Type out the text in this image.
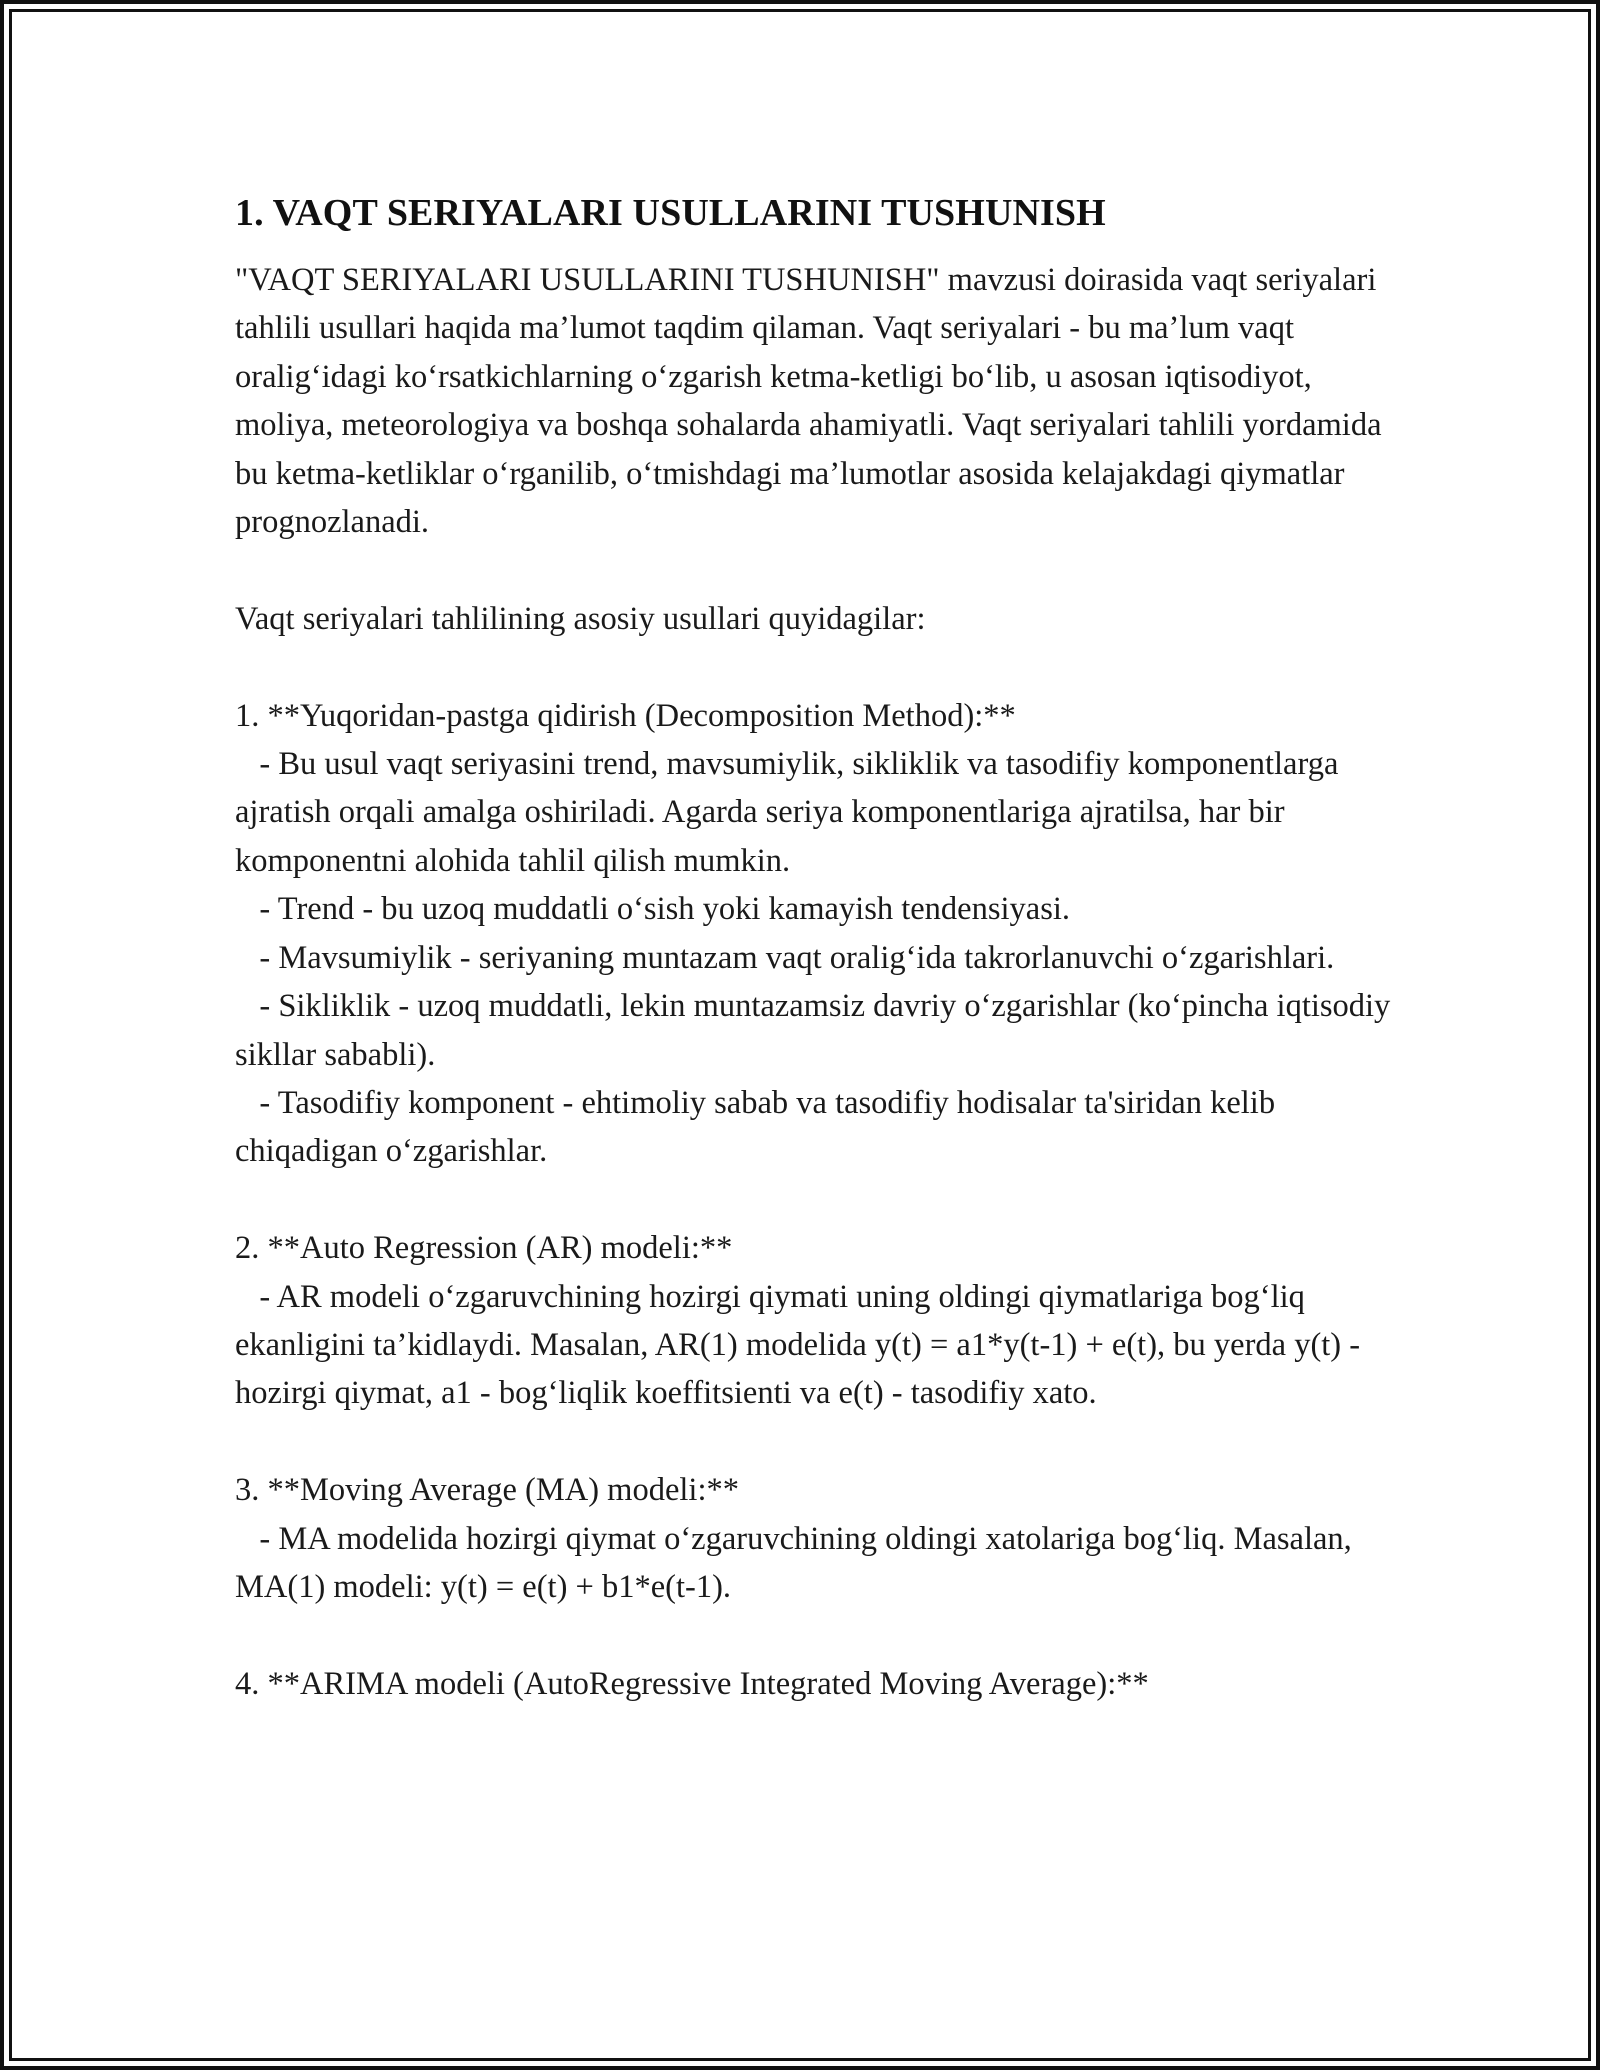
1. VAQT SERIYALARI USULLARINI TUSHUNISH
"VAQT SERIYALARI USULLARINI TUSHUNISH" mavzusi doirasida vaqt seriyalari tahlili usullari haqida ma’lumot taqdim qilaman. Vaqt seriyalari - bu ma’lum vaqt oralig‘idagi ko‘rsatkichlarning o‘zgarish ketma-ketligi bo‘lib, u asosan iqtisodiyot, moliya, meteorologiya va boshqa sohalarda ahamiyatli. Vaqt seriyalari tahlili yordamida bu ketma-ketliklar o‘rganilib, o‘tmishdagi ma’lumotlar asosida kelajakdagi qiymatlar prognozlanadi.

Vaqt seriyalari tahlilining asosiy usullari quyidagilar:

1. **Yuqoridan-pastga qidirish (Decomposition Method):**
- Bu usul vaqt seriyasini trend, mavsumiylik, sikliklik va tasodifiy komponentlarga ajratish orqali amalga oshiriladi. Agarda seriya komponentlariga ajratilsa, har bir komponentni alohida tahlil qilish mumkin.
- Trend - bu uzoq muddatli o‘sish yoki kamayish tendensiyasi.
- Mavsumiylik - seriyaning muntazam vaqt oralig‘ida takrorlanuvchi o‘zgarishlari.
- Sikliklik - uzoq muddatli, lekin muntazamsiz davriy o‘zgarishlar (ko‘pincha iqtisodiy sikllar sababli).
- Tasodifiy komponent - ehtimoliy sabab va tasodifiy hodisalar ta'siridan kelib chiqadigan o‘zgarishlar.

2. **Auto Regression (AR) modeli:**
- AR modeli o‘zgaruvchining hozirgi qiymati uning oldingi qiymatlariga bog‘liq ekanligini ta’kidlaydi. Masalan, AR(1) modelida y(t) = a1*y(t-1) + e(t), bu yerda y(t) - hozirgi qiymat, a1 - bog‘liqlik koeffitsienti va e(t) - tasodifiy xato.

3. **Moving Average (MA) modeli:**
- MA modelida hozirgi qiymat o‘zgaruvchining oldingi xatolariga bog‘liq. Masalan, MA(1) modeli: y(t) = e(t) + b1*e(t-1).

4. **ARIMA modeli (AutoRegressive Integrated Moving Average):**
